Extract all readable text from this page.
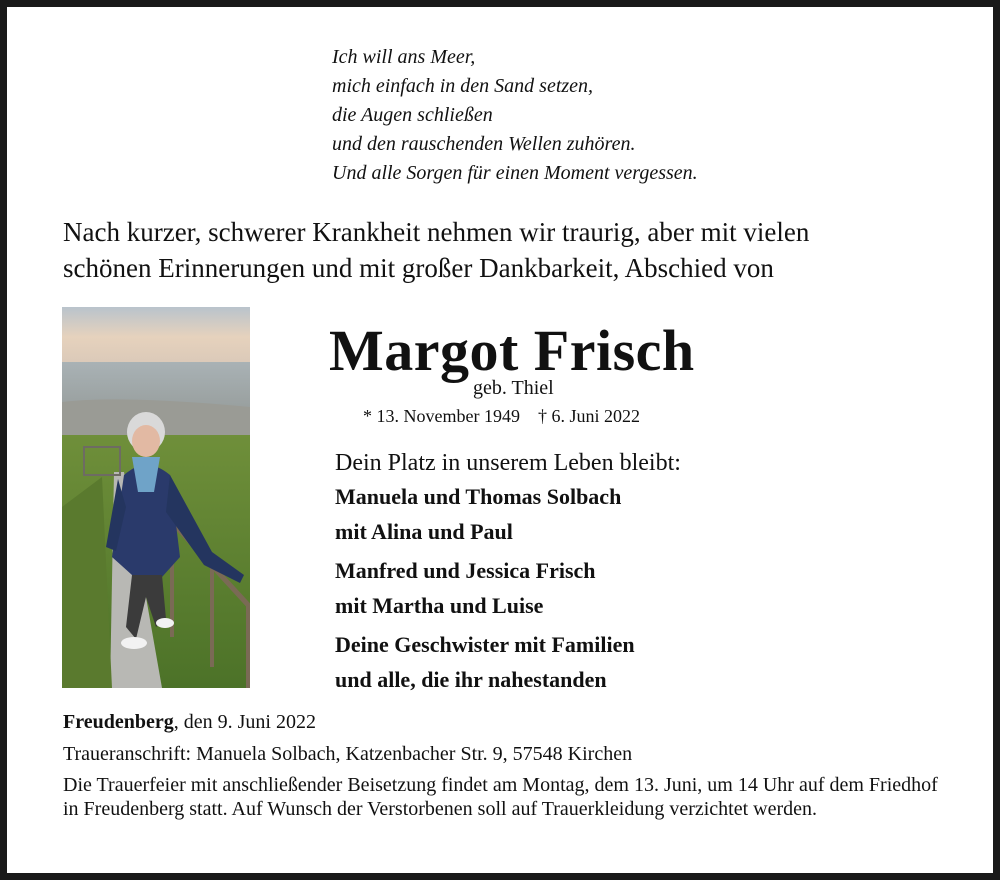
Ich will ans Meer,
mich einfach in den Sand setzen,
die Augen schließen
und den rauschenden Wellen zuhören.
Und alle Sorgen für einen Moment vergessen.
Nach kurzer, schwerer Krankheit nehmen wir traurig, aber mit vielen
schönen Erinnerungen und mit großer Dankbarkeit, Abschied von
Margot Frisch
geb. Thiel
* 13. November 1949 † 6. Juni 2022
Dein Platz in unserem Leben bleibt:
Manuela und Thomas Solbach
mit Alina und Paul
Manfred und Jessica Frisch
mit Martha und Luise
Deine Geschwister mit Familien
und alle, die ihr nahestanden
Freudenberg, den 9. Juni 2022
Traueranschrift: Manuela Solbach, Katzenbacher Str. 9, 57548 Kirchen
Die Trauerfeier mit anschließender Beisetzung findet am Montag, dem 13. Juni, um 14 Uhr auf dem Friedhof in Freudenberg statt. Auf Wunsch der Verstorbenen soll auf Trauerkleidung verzichtet werden.
